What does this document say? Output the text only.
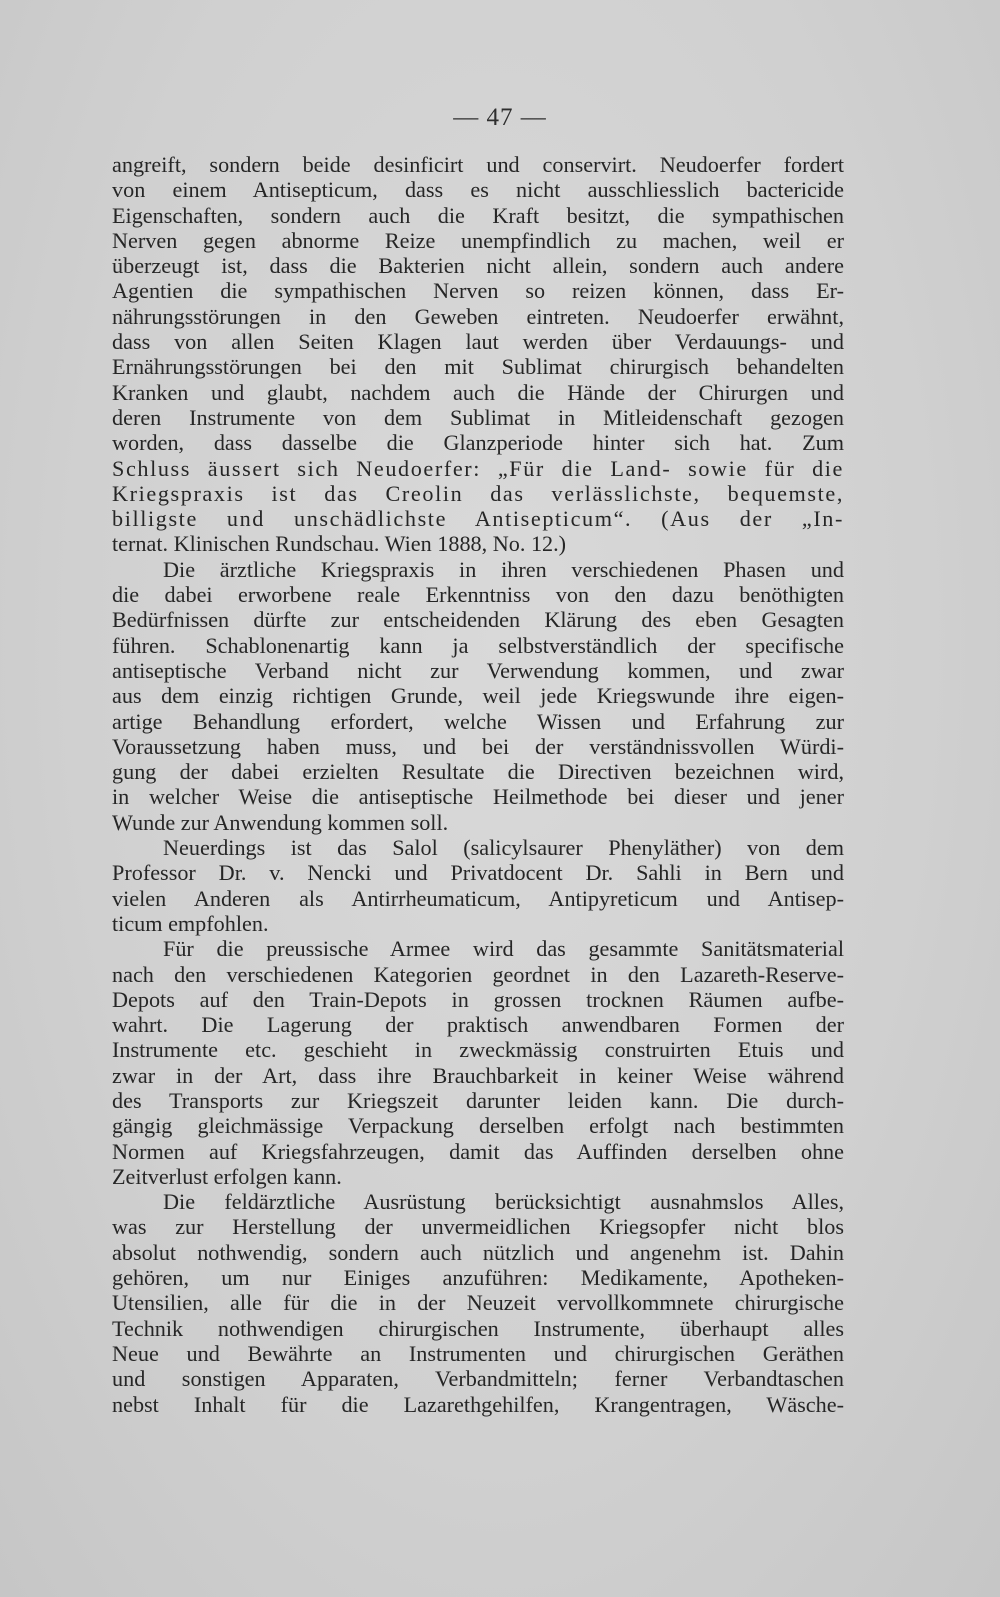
— 47 —
angreift, sondern beide desinficirt und conservirt. Neudoerfer fordert
von einem Antisepticum, dass es nicht ausschliesslich bactericide
Eigenschaften, sondern auch die Kraft besitzt, die sympathischen
Nerven gegen abnorme Reize unempfindlich zu machen, weil er
überzeugt ist, dass die Bakterien nicht allein, sondern auch andere
Agentien die sympathischen Nerven so reizen können, dass Er-
nährungsstörungen in den Geweben eintreten. Neudoerfer erwähnt,
dass von allen Seiten Klagen laut werden über Verdauungs- und
Ernährungsstörungen bei den mit Sublimat chirurgisch behandelten
Kranken und glaubt, nachdem auch die Hände der Chirurgen und
deren Instrumente von dem Sublimat in Mitleidenschaft gezogen
worden, dass dasselbe die Glanzperiode hinter sich hat. Zum
Schluss äussert sich Neudoerfer: „Für die Land- sowie für die
Kriegspraxis ist das Creolin das verlässlichste, bequemste,
billigste und unschädlichste Antisepticum“. (Aus der „In-
ternat. Klinischen Rundschau. Wien 1888, No. 12.)
Die ärztliche Kriegspraxis in ihren verschiedenen Phasen und
die dabei erworbene reale Erkenntniss von den dazu benöthigten
Bedürfnissen dürfte zur entscheidenden Klärung des eben Gesagten
führen. Schablonenartig kann ja selbstverständlich der specifische
antiseptische Verband nicht zur Verwendung kommen, und zwar
aus dem einzig richtigen Grunde, weil jede Kriegswunde ihre eigen-
artige Behandlung erfordert, welche Wissen und Erfahrung zur
Voraussetzung haben muss, und bei der verständnissvollen Würdi-
gung der dabei erzielten Resultate die Directiven bezeichnen wird,
in welcher Weise die antiseptische Heilmethode bei dieser und jener
Wunde zur Anwendung kommen soll.
Neuerdings ist das Salol (salicylsaurer Phenyläther) von dem
Professor Dr. v. Nencki und Privatdocent Dr. Sahli in Bern und
vielen Anderen als Antirrheumaticum, Antipyreticum und Antisep-
ticum empfohlen.
Für die preussische Armee wird das gesammte Sanitätsmaterial
nach den verschiedenen Kategorien geordnet in den Lazareth-Reserve-
Depots auf den Train-Depots in grossen trocknen Räumen aufbe-
wahrt. Die Lagerung der praktisch anwendbaren Formen der
Instrumente etc. geschieht in zweckmässig construirten Etuis und
zwar in der Art, dass ihre Brauchbarkeit in keiner Weise während
des Transports zur Kriegszeit darunter leiden kann. Die durch-
gängig gleichmässige Verpackung derselben erfolgt nach bestimmten
Normen auf Kriegsfahrzeugen, damit das Auffinden derselben ohne
Zeitverlust erfolgen kann.
Die feldärztliche Ausrüstung berücksichtigt ausnahmslos Alles,
was zur Herstellung der unvermeidlichen Kriegsopfer nicht blos
absolut nothwendig, sondern auch nützlich und angenehm ist. Dahin
gehören, um nur Einiges anzuführen: Medikamente, Apotheken-
Utensilien, alle für die in der Neuzeit vervollkommnete chirurgische
Technik nothwendigen chirurgischen Instrumente, überhaupt alles
Neue und Bewährte an Instrumenten und chirurgischen Geräthen
und sonstigen Apparaten, Verbandmitteln; ferner Verbandtaschen
nebst Inhalt für die Lazarethgehilfen, Krangentragen, Wäsche-
